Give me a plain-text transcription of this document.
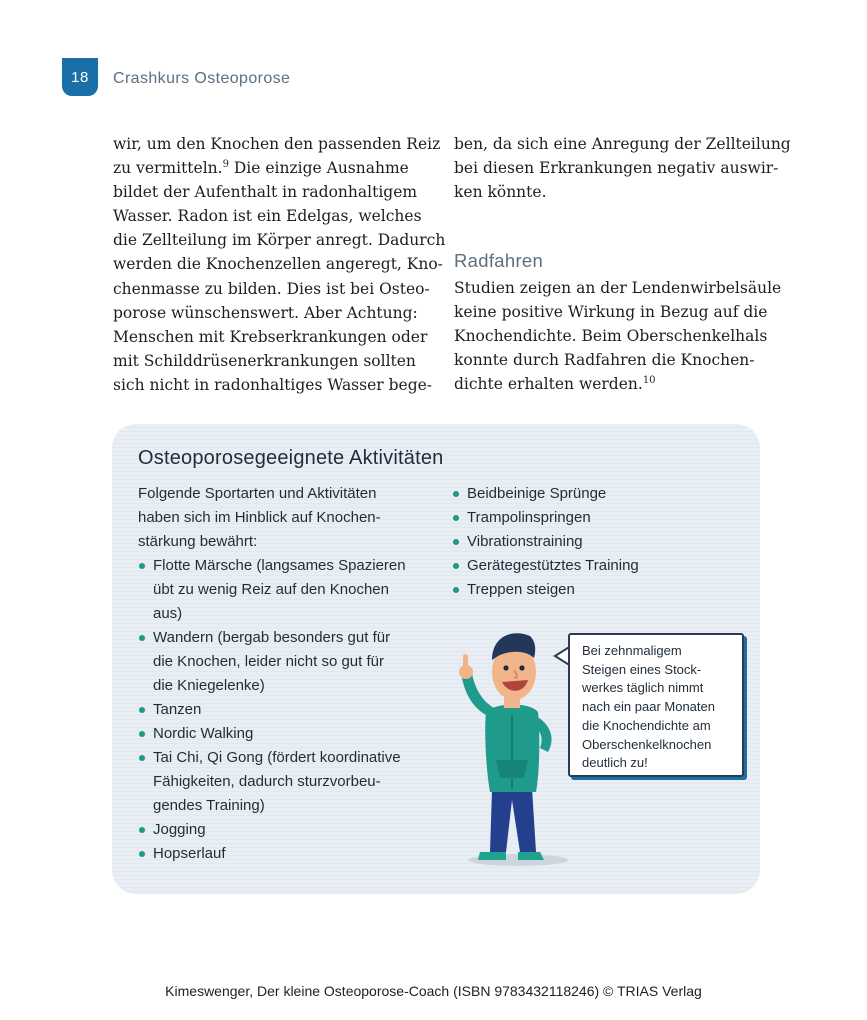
18 Crashkurs Osteoporose
wir, um den Knochen den passenden Reiz
zu vermitteln.$^9$ Die einzige Ausnahme
bildet der Aufenthalt in radonhaltigem
Wasser. Radon ist ein Edelgas, welches
die Zellteilung im Körper anregt. Dadurch
werden die Knochenzellen angeregt, Kno-
chenmasse zu bilden. Dies ist bei Osteo-
porose wünschenswert. Aber Achtung:
Menschen mit Krebserkrankungen oder
mit Schilddrüsenerkrankungen sollten
sich nicht in radonhaltiges Wasser bege-
ben, da sich eine Anregung der Zellteilung
bei diesen Erkrankungen negativ auswir-
ken könnte.
Radfahren
Studien zeigen an der Lendenwirbelsäule
keine positive Wirkung in Bezug auf die
Knochendichte. Beim Oberschenkelhals
konnte durch Radfahren die Knochen-
dichte erhalten werden.$^{10}$
Osteoporosegeeignete Aktivitäten
Folgende Sportarten und Aktivitäten
haben sich im Hinblick auf Knochen-
stärkung bewährt:
Flotte Märsche (langsames Spazieren
übt zu wenig Reiz auf den Knochen
aus)
Wandern (bergab besonders gut für
die Knochen, leider nicht so gut für
die Kniegelenke)
Tanzen
Nordic Walking
Tai Chi, Qi Gong (fördert koordinative
Fähigkeiten, dadurch sturzvorbeu-
gendes Training)
Jogging
Hopserlauf
Beidbeinige Sprünge
Trampolinspringen
Vibrationstraining
Gerätegestütztes Training
Treppen steigen
Bei zehnmaligem
Steigen eines Stock-
werkes täglich nimmt
nach ein paar Monaten
die Knochendichte am
Oberschenkelknochen
deutlich zu!
Kimeswenger, Der kleine Osteoporose-Coach (ISBN 9783432118246) © TRIAS Verlag
